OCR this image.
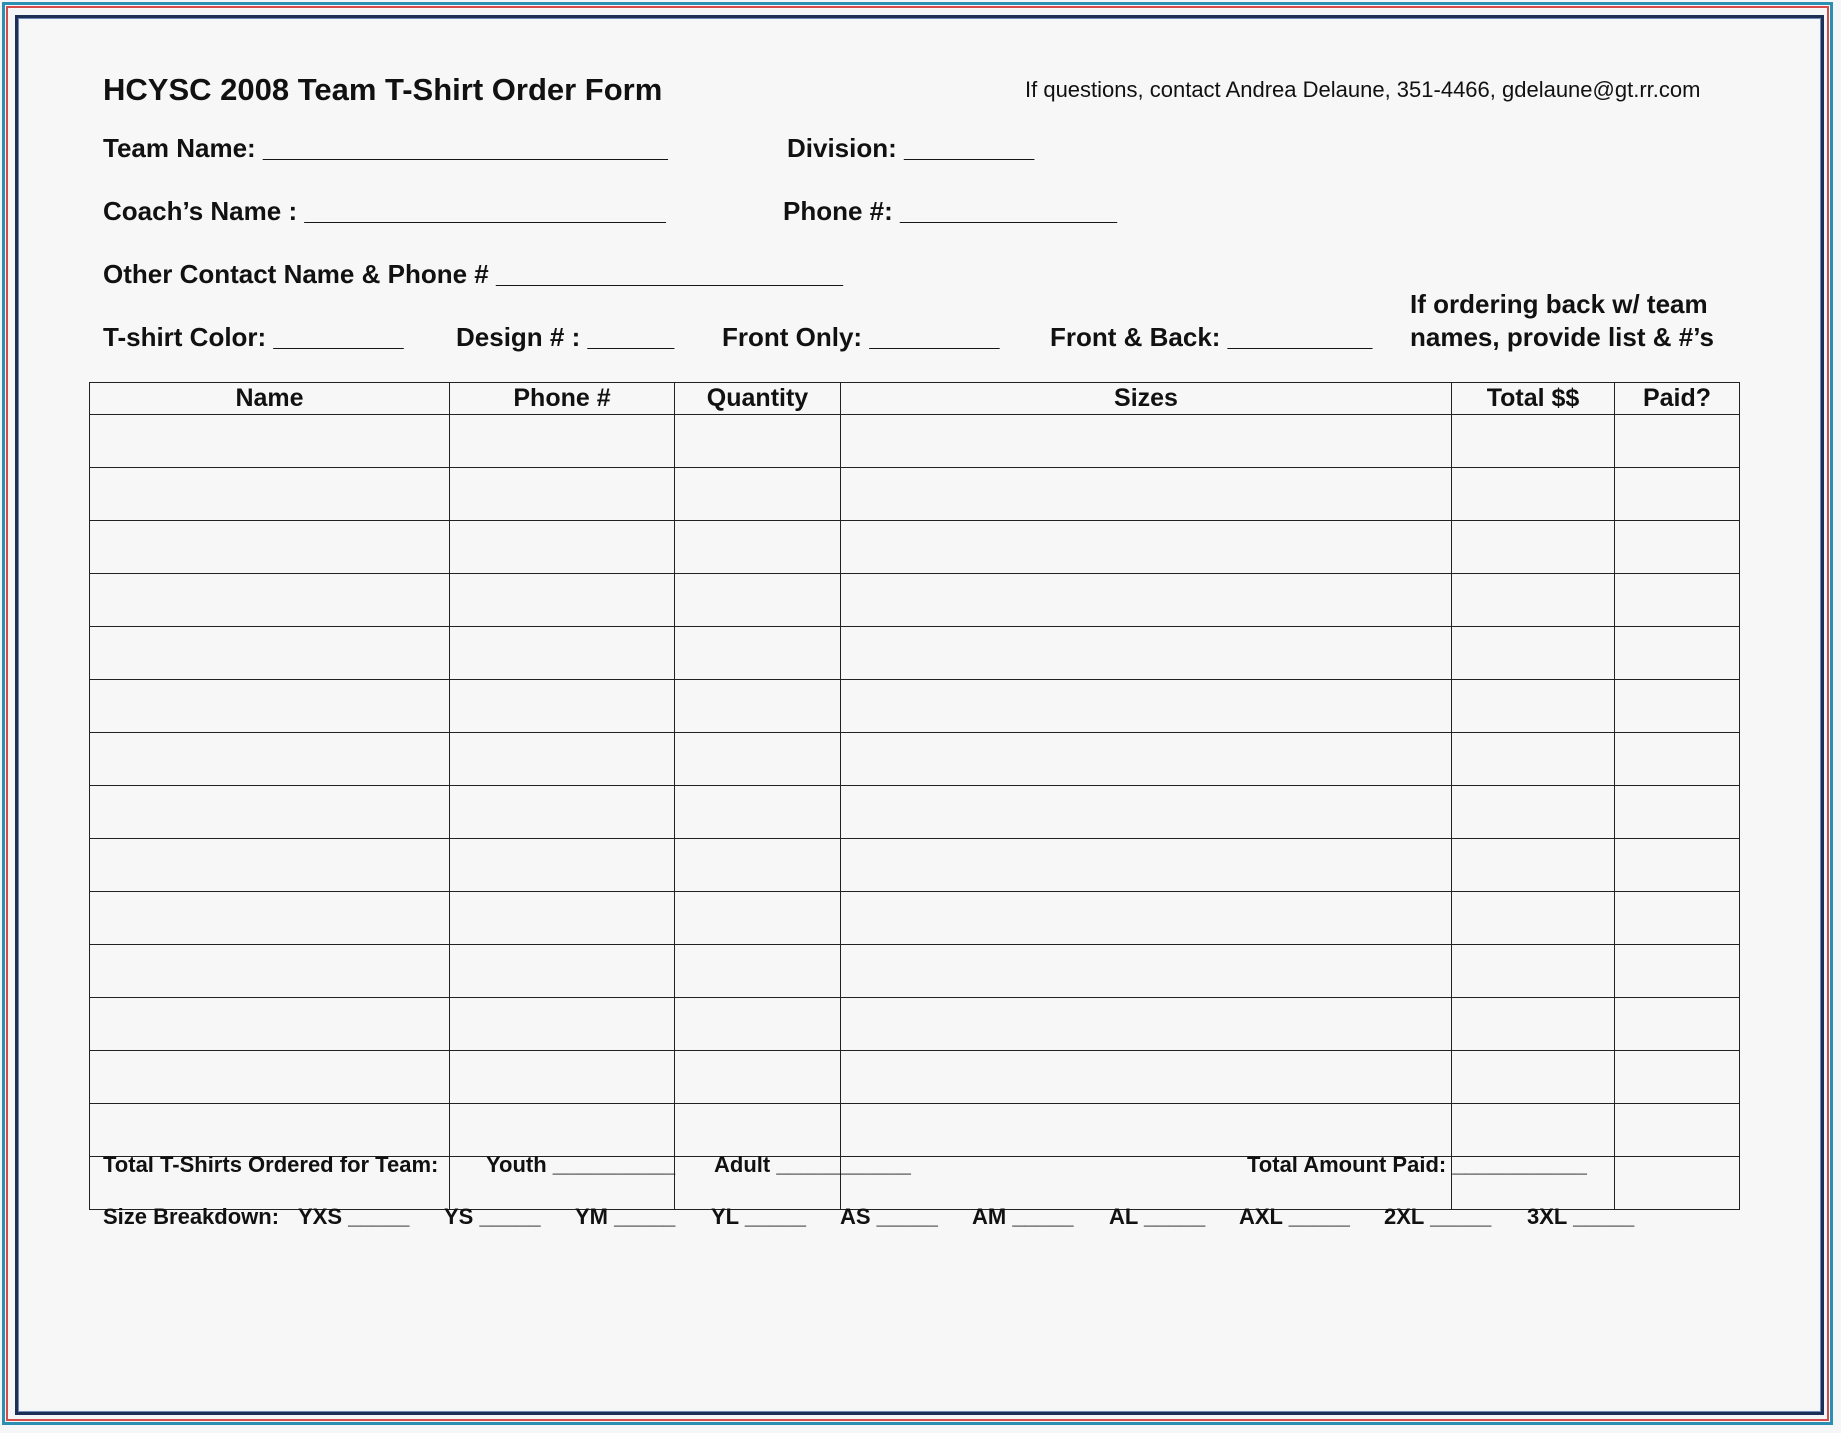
HCYSC 2008 Team T-Shirt Order Form	If questions, contact Andrea Delaune, 351-4466, gdelaune@gt.rr.com
Team Name: ____________________________	Division: _________
Coach’s Name : _________________________	Phone #: _______________
Other Contact Name & Phone # ________________________
T-shirt Color: _________ Design # : ______ Front Only: _________ Front & Back: __________
If ordering back w/ team
names, provide list & #’s
Name	Phone #	Quantity	Sizes	Total $$	Paid?

Total T-Shirts Ordered for Team: Youth __________ Adult ___________	Total Amount Paid: ___________
Size Breakdown: YXS _____ YS _____ YM _____ YL _____ AS _____ AM _____ AL _____ AXL _____ 2XL _____ 3XL _____
